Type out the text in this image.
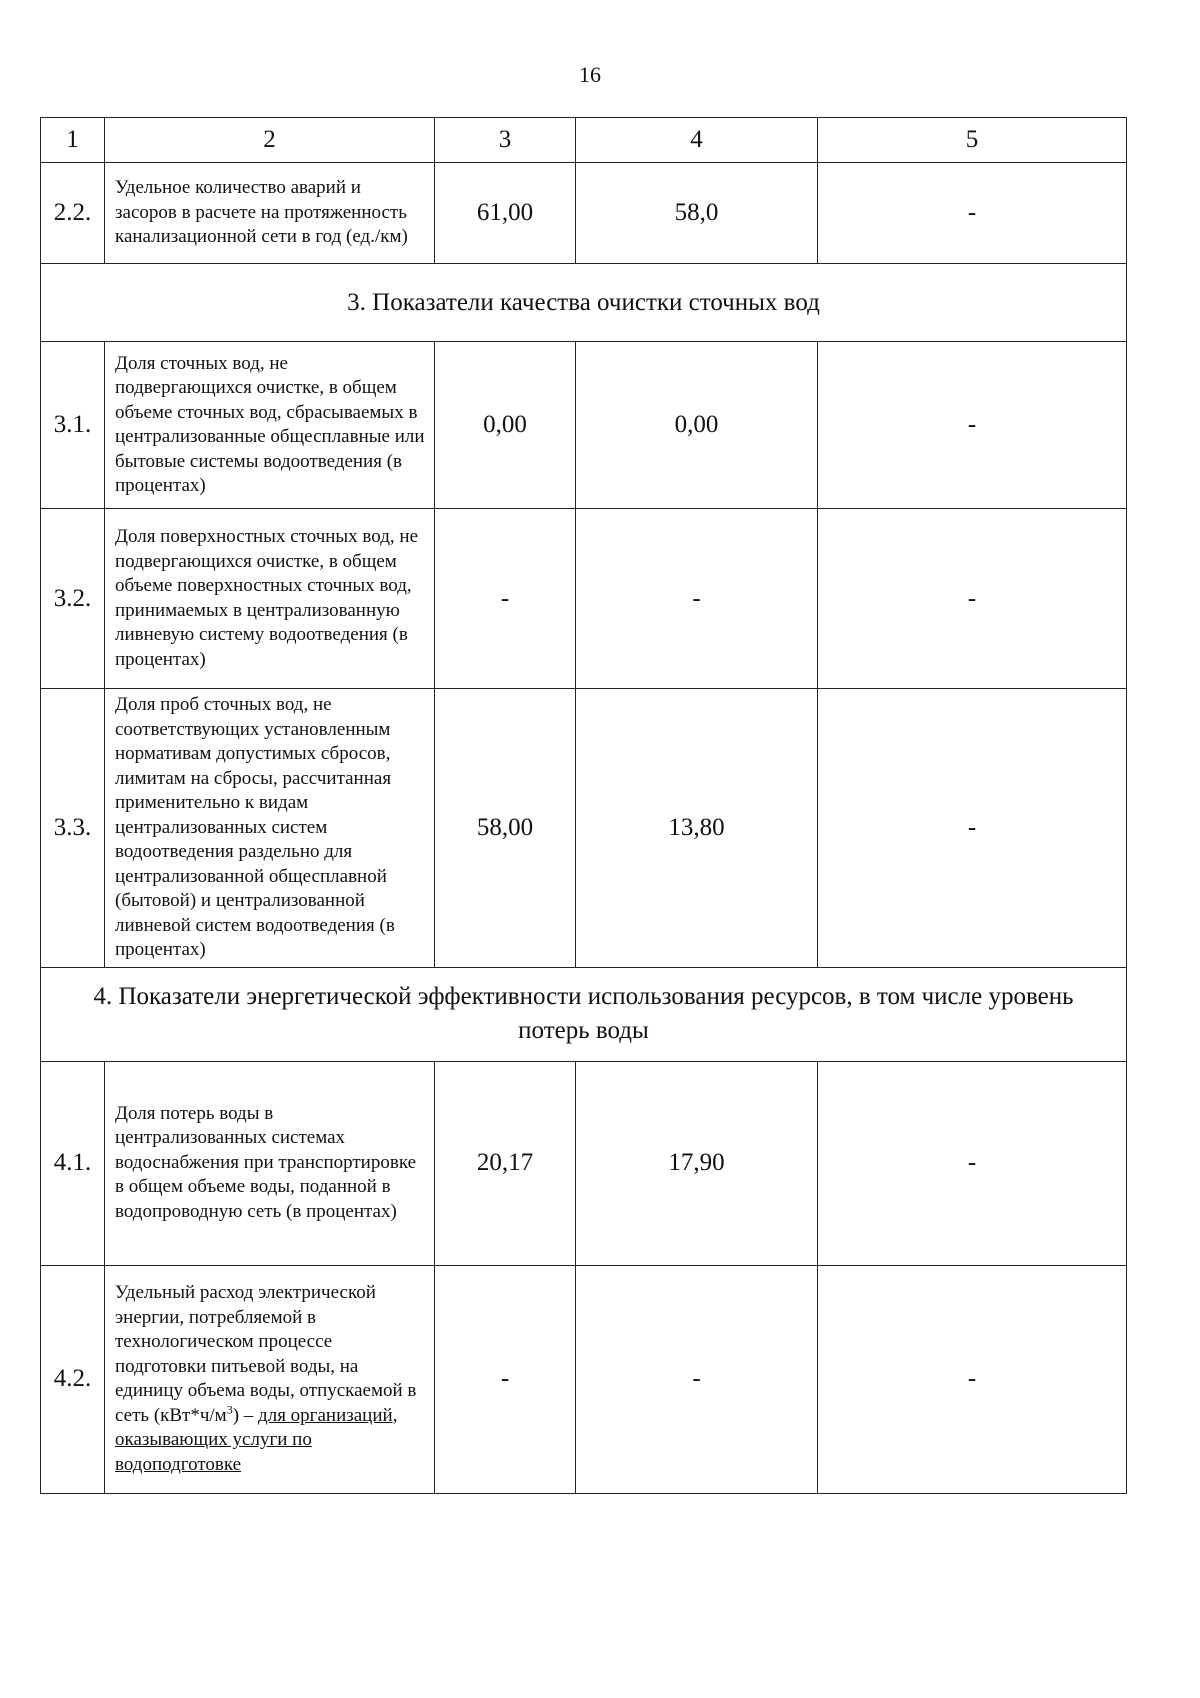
16
1	2	3	4	5
2.2.	Удельное количество аварий и засоров в расчете на протяженность канализационной сети в год (ед./км)	61,00	58,0	-
3. Показатели качества очистки сточных вод				
3.1.	Доля сточных вод, не подвергающихся очистке, в общем объеме сточных вод, сбрасываемых в централизованные общесплавные или бытовые системы водоотведения (в процентах)	0,00	0,00	-
3.2.	Доля поверхностных сточных вод, не подвергающихся очистке, в общем объеме поверхностных сточных вод, принимаемых в централизованную ливневую систему водоотведения (в процентах)	-	-	-
3.3.	Доля проб сточных вод, не соответствующих установленным нормативам допустимых сбросов, лимитам на сбросы, рассчитанная применительно к видам централизованных систем водоотведения раздельно для централизованной общесплавной (бытовой) и централизованной ливневой систем водоотведения (в процентах)	58,00	13,80	-
4. Показатели энергетической эффективности использования ресурсов, в том числе уровень потерь воды				
4.1.	Доля потерь воды в централизованных системах водоснабжения при транспортировке в общем объеме воды, поданной в водопроводную сеть (в процентах)	20,17	17,90	-
4.2.	Удельный расход электрической энергии, потребляемой в технологическом процессе подготовки питьевой воды, на единицу объема воды, отпускаемой в сеть $(кВт*ч/м^3)$ – для организаций, оказывающих услуги по водоподготовке	-	-	-
